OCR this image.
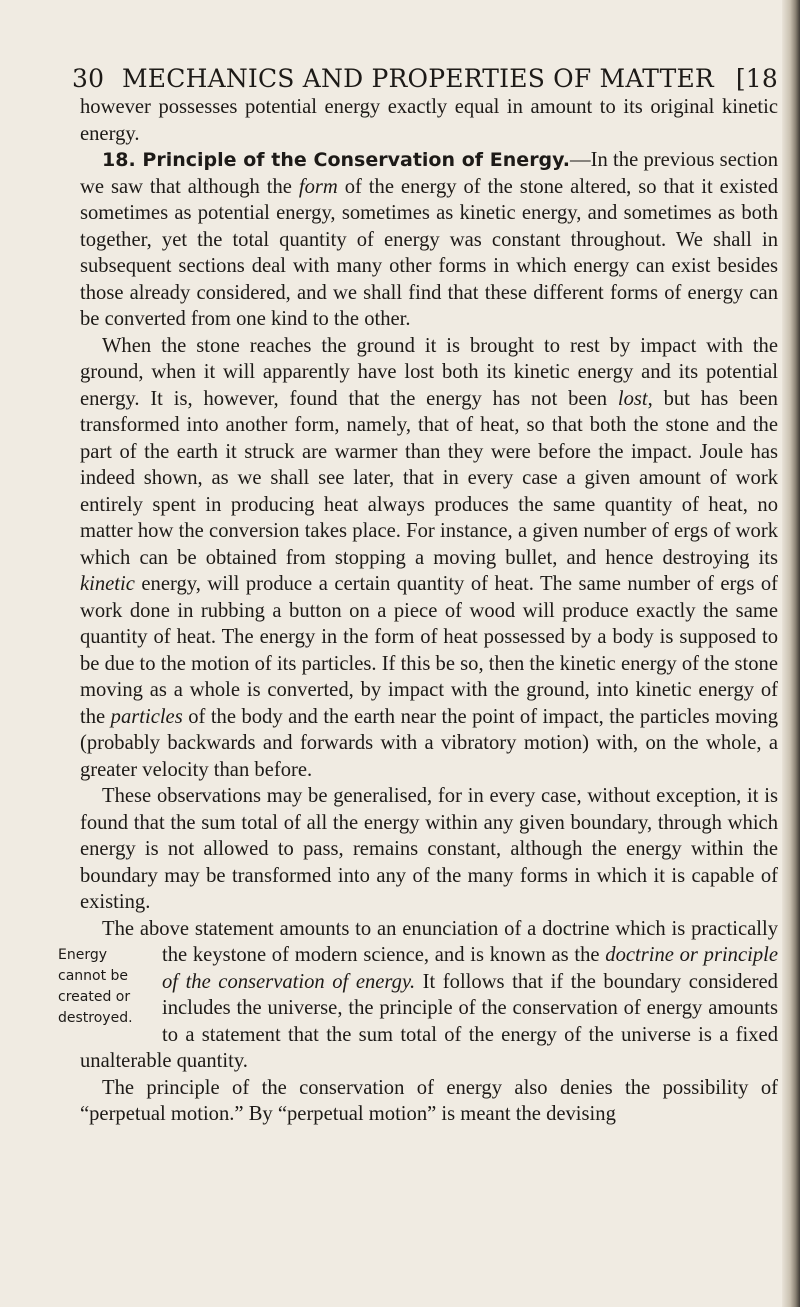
30 MECHANICS AND PROPERTIES OF MATTER [18

however possesses potential energy exactly equal in amount to its original kinetic energy.

18. Principle of the Conservation of Energy.—In the previous section we saw that although the form of the energy of the stone altered, so that it existed sometimes as potential energy, sometimes as kinetic energy, and sometimes as both together, yet the total quantity of energy was constant throughout. We shall in subsequent sections deal with many other forms in which energy can exist besides those already considered, and we shall find that these different forms of energy can be converted from one kind to the other.

When the stone reaches the ground it is brought to rest by impact with the ground, when it will apparently have lost both its kinetic energy and its potential energy. It is, however, found that the energy has not been lost, but has been transformed into another form, namely, that of heat, so that both the stone and the part of the earth it struck are warmer than they were before the impact. Joule has indeed shown, as we shall see later, that in every case a given amount of work entirely spent in producing heat always produces the same quantity of heat, no matter how the conversion takes place. For instance, a given number of ergs of work which can be obtained from stopping a moving bullet, and hence destroying its kinetic energy, will produce a certain quantity of heat. The same number of ergs of work done in rubbing a button on a piece of wood will produce exactly the same quantity of heat. The energy in the form of heat possessed by a body is supposed to be due to the motion of its particles. If this be so, then the kinetic energy of the stone moving as a whole is converted, by impact with the ground, into kinetic energy of the particles of the body and the earth near the point of impact, the particles moving (probably backwards and forwards with a vibratory motion) with, on the whole, a greater velocity than before.

These observations may be generalised, for in every case, without exception, it is found that the sum total of all the energy within any given boundary, through which energy is not allowed to pass, remains constant, although the energy within the boundary may be transformed into any of the many forms in which it is capable of existing.

The above statement amounts to an enunciation of a doctrine which is practically the keystone of modern science, and is known as the
Energy cannot be created or destroyed.
doctrine or principle of the conservation of energy. It follows that if the boundary considered includes the universe, the principle of the conservation of energy amounts to a statement that the sum total of the energy of the universe is a fixed unalterable quantity.

The principle of the conservation of energy also denies the possibility of “perpetual motion.” By “perpetual motion” is meant the devising
